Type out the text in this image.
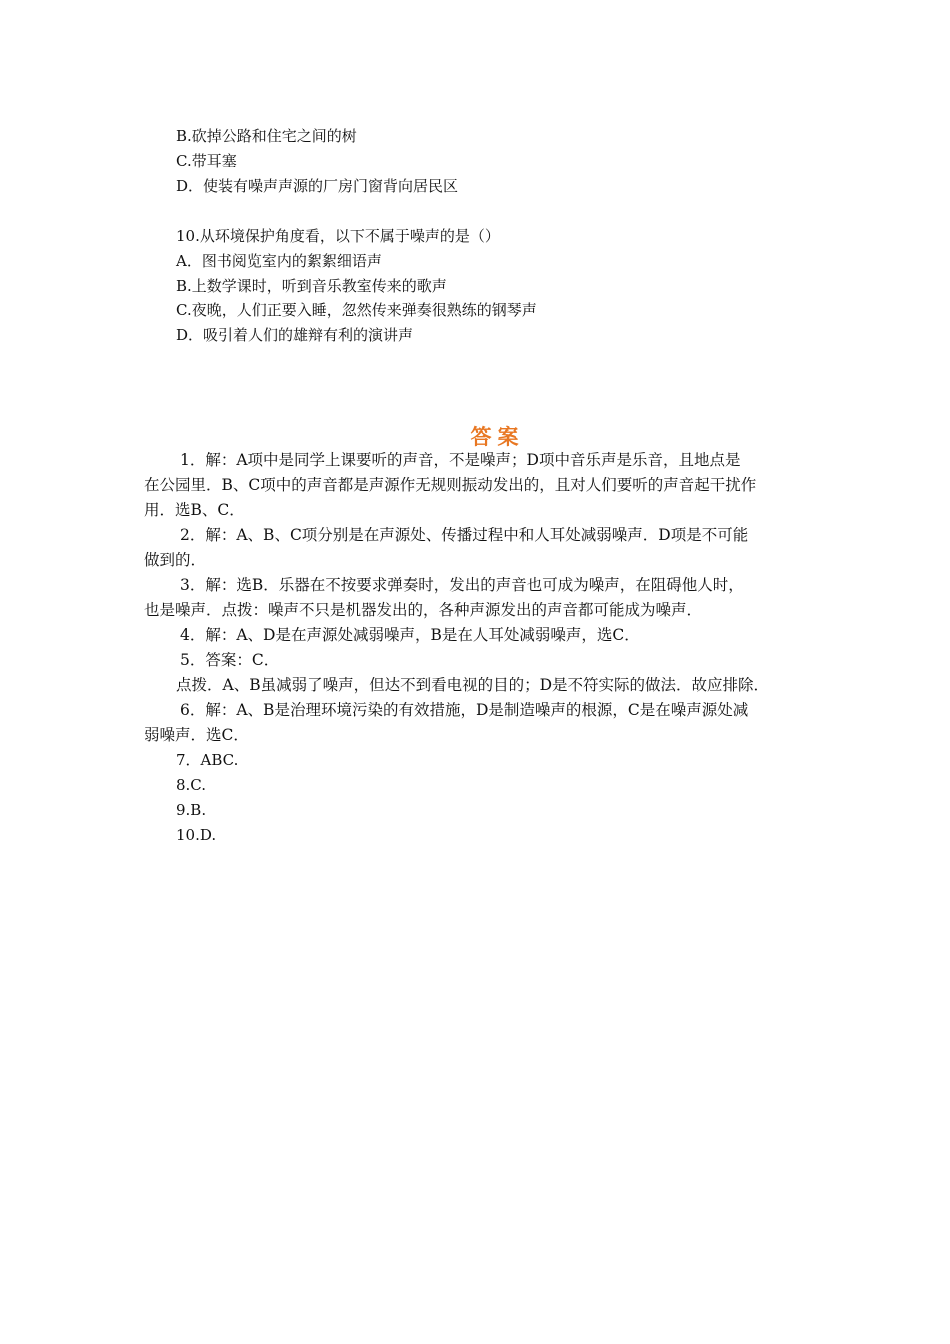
B.砍掉公路和住宅之间的树
C.带耳塞
D．使装有噪声声源的厂房门窗背向居民区
10.从环境保护角度看，以下不属于噪声的是（）
A．图书阅览室内的絮絮细语声
B.上数学课时，听到音乐教室传来的歌声
C.夜晚，人们正要入睡，忽然传来弹奏很熟练的钢琴声
D．吸引着人们的雄辩有利的演讲声
答案
1．解：A项中是同学上课要听的声音，不是噪声；D项中音乐声是乐音，且地点是
在公园里．B、C项中的声音都是声源作无规则振动发出的，且对人们要听的声音起干扰作
用．选B、C．
2．解：A、B、C项分别是在声源处、传播过程中和人耳处减弱噪声．D项是不可能
做到的．
3．解：选B．乐器在不按要求弹奏时，发出的声音也可成为噪声，在阻碍他人时，
也是噪声．点拨：噪声不只是机器发出的，各种声源发出的声音都可能成为噪声．
4．解：A、D是在声源处减弱噪声，B是在人耳处减弱噪声，选C．
5．答案：C．
点拨．A、B虽减弱了噪声，但达不到看电视的目的；D是不符实际的做法．故应排除．
6．解：A、B是治理环境污染的有效措施，D是制造噪声的根源，C是在噪声源处减
弱噪声．选C．
7．ABC.
8.C.
9.B.
10.D.
